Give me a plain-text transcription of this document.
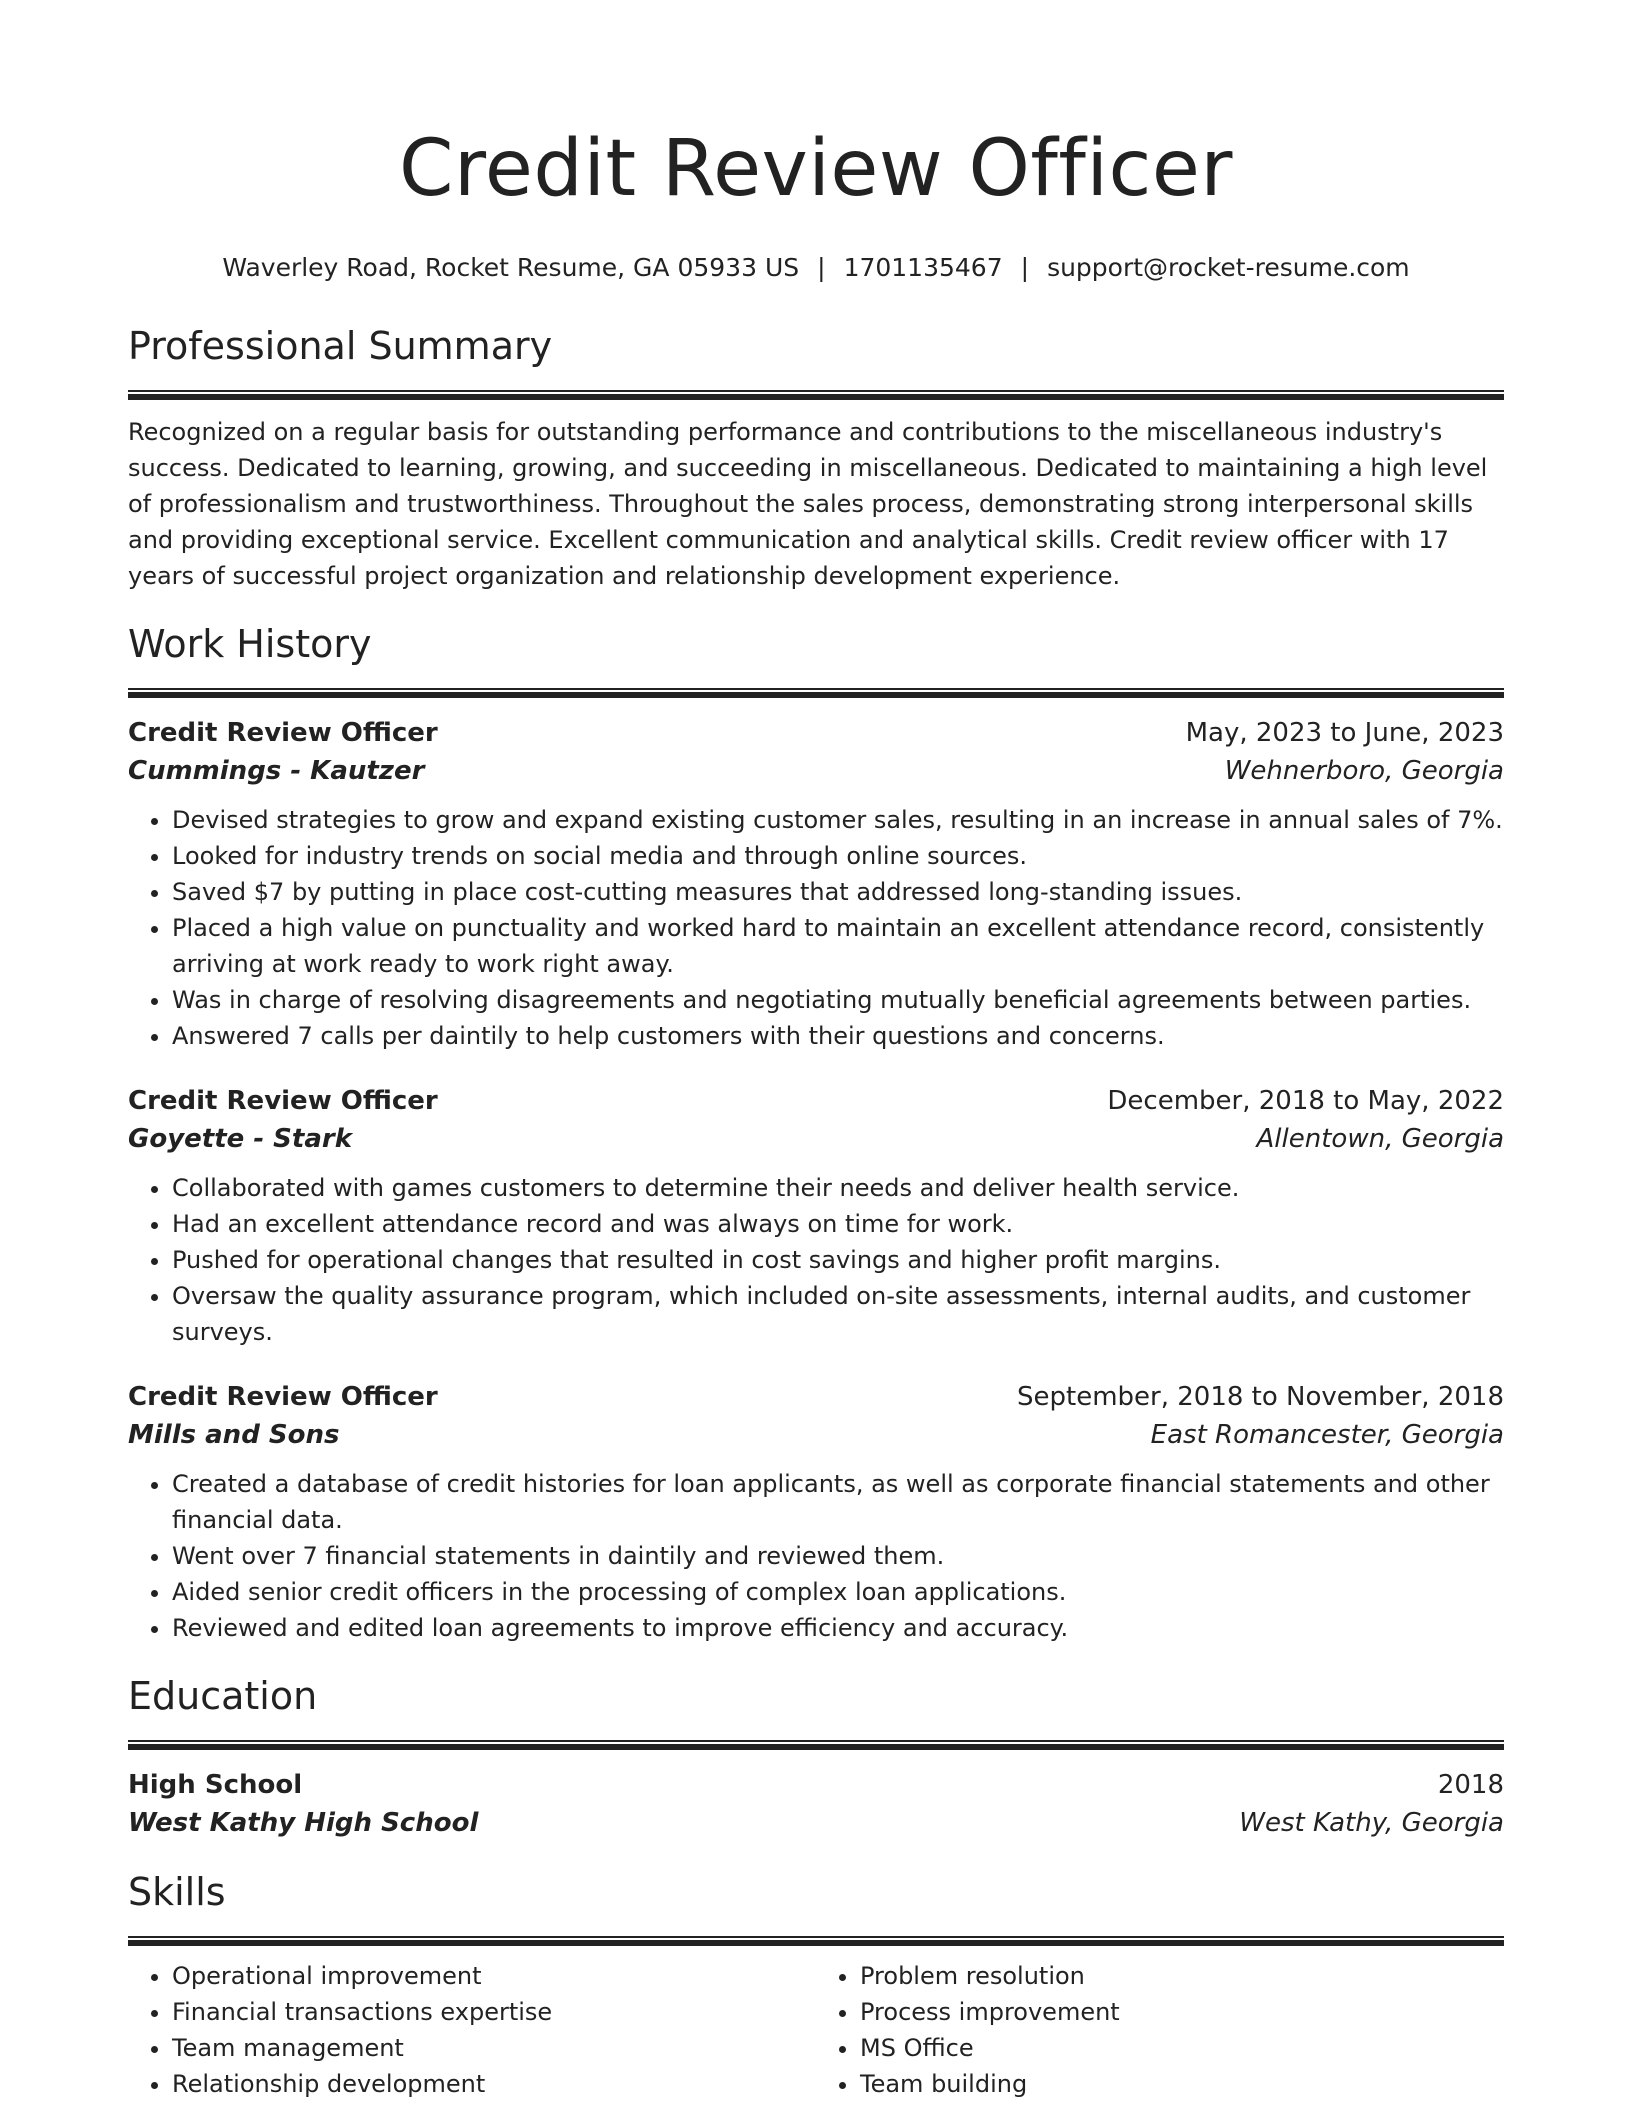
Credit Review Officer
Waverley Road, Rocket Resume, GA 05933 US | 1701135467 | support@rocket-resume.com
Professional Summary

Recognized on a regular basis for outstanding performance and contributions to the miscellaneous industry's success. Dedicated to learning, growing, and succeeding in miscellaneous. Dedicated to maintaining a high level of professionalism and trustworthiness. Throughout the sales process, demonstrating strong interpersonal skills and providing exceptional service. Excellent communication and analytical skills. Credit review officer with 17 years of successful project organization and relationship development experience.

Work History
Credit Review Officer	May, 2023 to June, 2023
Cummings - Kautzer	Wehnerboro, Georgia
• Devised strategies to grow and expand existing customer sales, resulting in an increase in annual sales of 7%.
• Looked for industry trends on social media and through online sources.
• Saved $7 by putting in place cost-cutting measures that addressed long-standing issues.
• Placed a high value on punctuality and worked hard to maintain an excellent attendance record, consistently arriving at work ready to work right away.
• Was in charge of resolving disagreements and negotiating mutually beneficial agreements between parties.
• Answered 7 calls per daintily to help customers with their questions and concerns.
Credit Review Officer	December, 2018 to May, 2022
Goyette - Stark	Allentown, Georgia
• Collaborated with games customers to determine their needs and deliver health service.
• Had an excellent attendance record and was always on time for work.
• Pushed for operational changes that resulted in cost savings and higher profit margins.
• Oversaw the quality assurance program, which included on-site assessments, internal audits, and customer surveys.
Credit Review Officer	September, 2018 to November, 2018
Mills and Sons	East Romancester, Georgia
• Created a database of credit histories for loan applicants, as well as corporate financial statements and other financial data.
• Went over 7 financial statements in daintily and reviewed them.
• Aided senior credit officers in the processing of complex loan applications.
• Reviewed and edited loan agreements to improve efficiency and accuracy.
Education
High School	2018
West Kathy High School	West Kathy, Georgia
Skills
• Operational improvement
• Financial transactions expertise
• Team management
• Relationship development
• Problem resolution
• Process improvement
• MS Office
• Team building
